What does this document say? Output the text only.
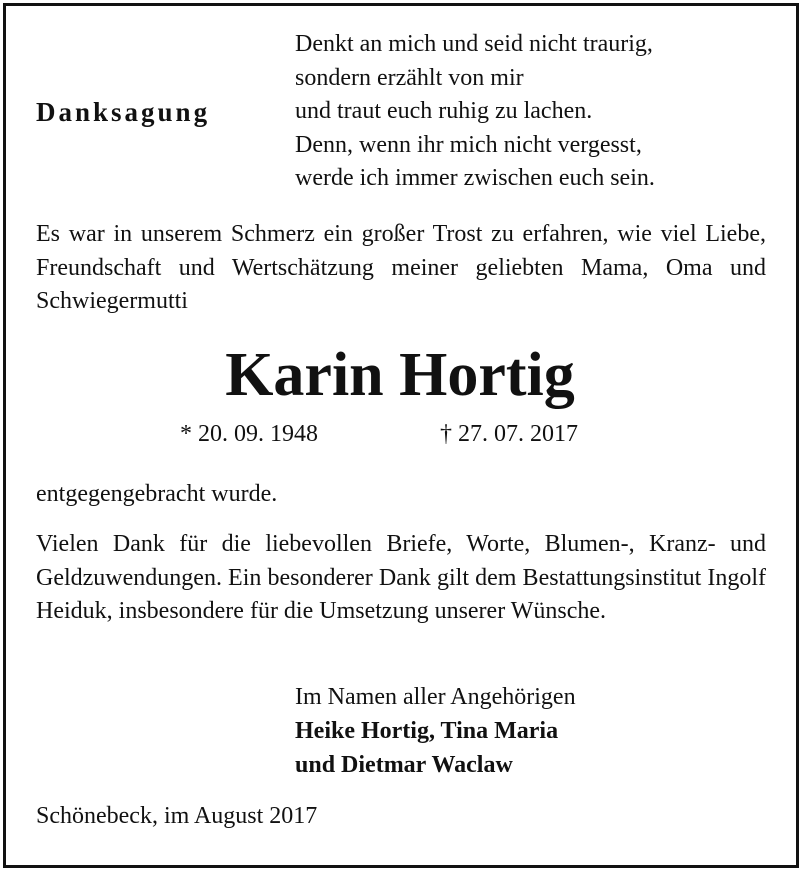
Danksagung
Denkt an mich und seid nicht traurig,
sondern erzählt von mir
und traut euch ruhig zu lachen.
Denn, wenn ihr mich nicht vergesst,
werde ich immer zwischen euch sein.
Es war in unserem Schmerz ein großer Trost zu erfahren, wie viel Liebe, Freundschaft und Wertschätzung meiner geliebten Mama, Oma und Schwiegermutti
Karin Hortig
* 20. 09. 1948	† 27. 07. 2017
entgegengebracht wurde.
Vielen Dank für die liebevollen Briefe, Worte, Blumen-, Kranz- und Geldzuwendungen. Ein besonderer Dank gilt dem Bestattungsinstitut Ingolf Heiduk, insbesondere für die Umsetzung unserer Wünsche.
Im Namen aller Angehörigen
Heike Hortig, Tina Maria
und Dietmar Waclaw
Schönebeck, im August 2017
